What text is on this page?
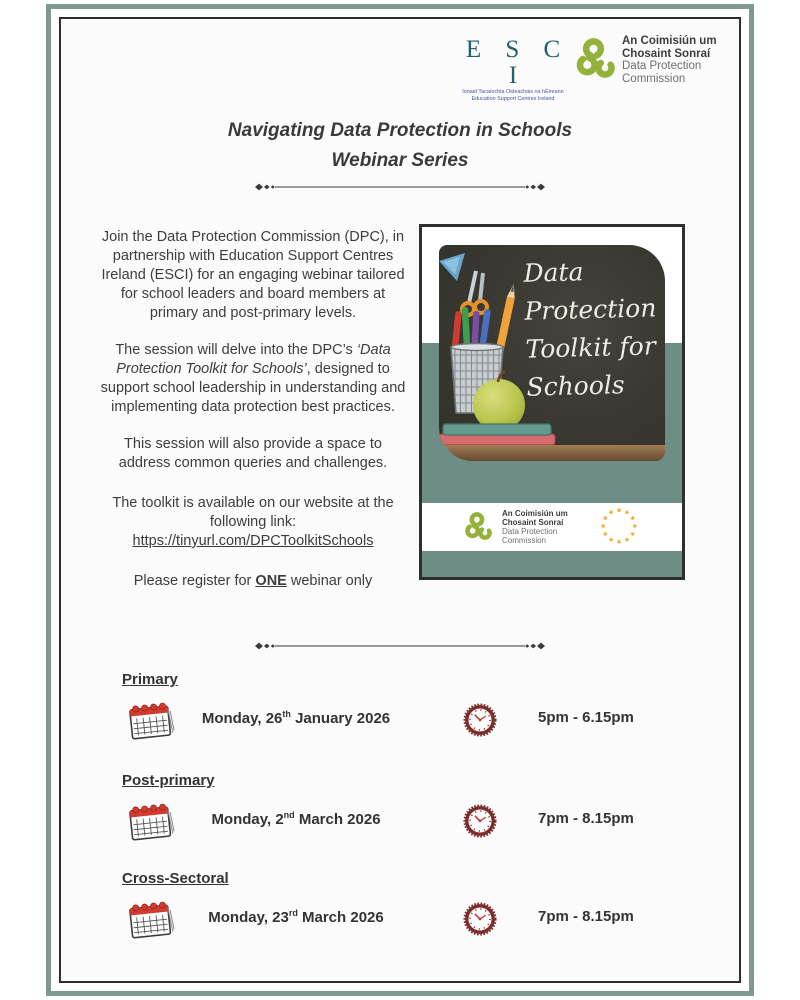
E S C I
Ionaid Tacaíochta Oideachais na hÉireann
Education Support Centres Ireland
An Coimisiún um
Chosaint Sonraí
Data Protection
Commission
Navigating Data Protection in Schools
Webinar Series

Join the Data Protection Commission (DPC), in partnership with Education Support Centres Ireland (ESCI) for an engaging webinar tailored for school leaders and board members at primary and post-primary levels.

The session will delve into the DPC’s ‘Data Protection Toolkit for Schools’, designed to support school leadership in understanding and implementing data protection best practices.

This session will also provide a space to address common queries and challenges.

The toolkit is available on our website at the following link:
https://tinyurl.com/DPCToolkitSchools

Please register for ONE webinar only

An Coimisiún um
Chosaint Sonraí
Data Protection
Commission
Data
Protection
Toolkit for
Schools
Primary
Monday, 26th January 2026	5pm - 6.15pm
Post-primary
Monday, 2nd March 2026	7pm - 8.15pm
Cross-Sectoral
Monday, 23rd March 2026	7pm - 8.15pm
